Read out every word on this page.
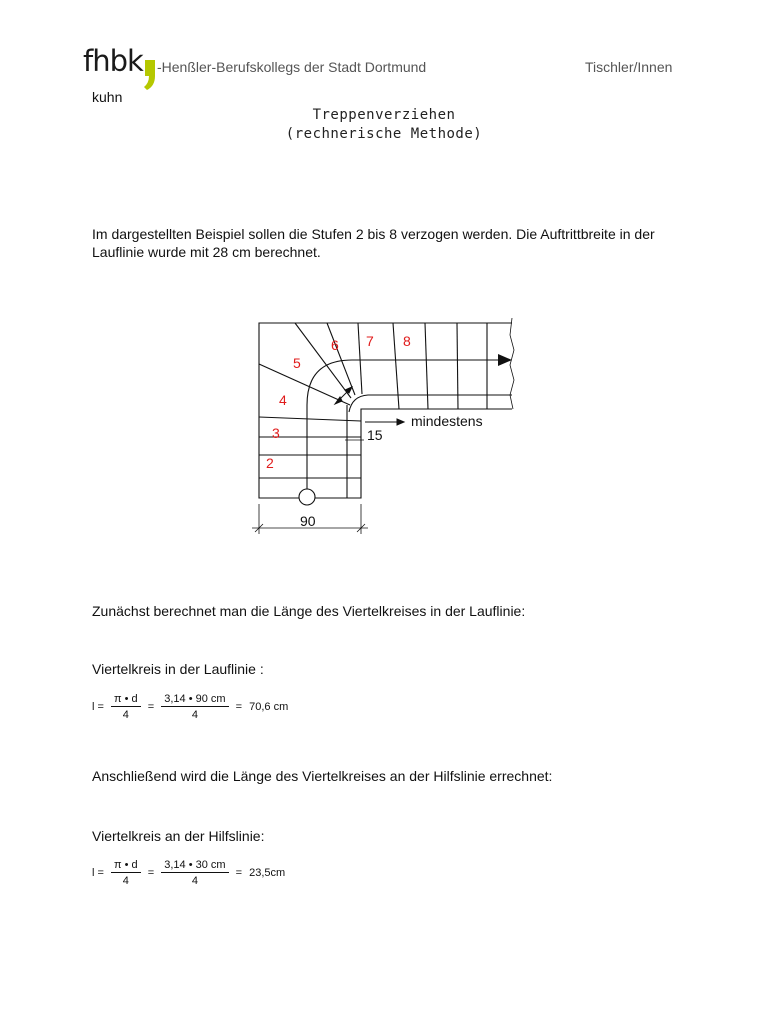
fhbk -Henßler-Berufskollegs der Stadt Dortmund	Tischler/Innen
kuhn
Treppenverziehen
(rechnerische Methode)
Im dargestellten Beispiel sollen die Stufen 2 bis 8 verzogen werden. Die Auftrittbreite in der Lauflinie wurde mit 28 cm berechnet.
2
3
4
5
6 7 8
15
mindestens
90
Zunächst berechnet man die Länge des Viertelkreises in der Lauflinie:
Viertelkreis in der Lauflinie :
$l = \frac{\pi • d}{4} = \frac{3,14 • 90 cm}{4} = 70,6$ cm
Anschließend wird die Länge des Viertelkreises an der Hilfslinie errechnet:
Viertelkreis an der Hilfslinie:
$l = \frac{\pi • d}{4} = \frac{3,14 • 30 cm}{4} = 23,5cm$
